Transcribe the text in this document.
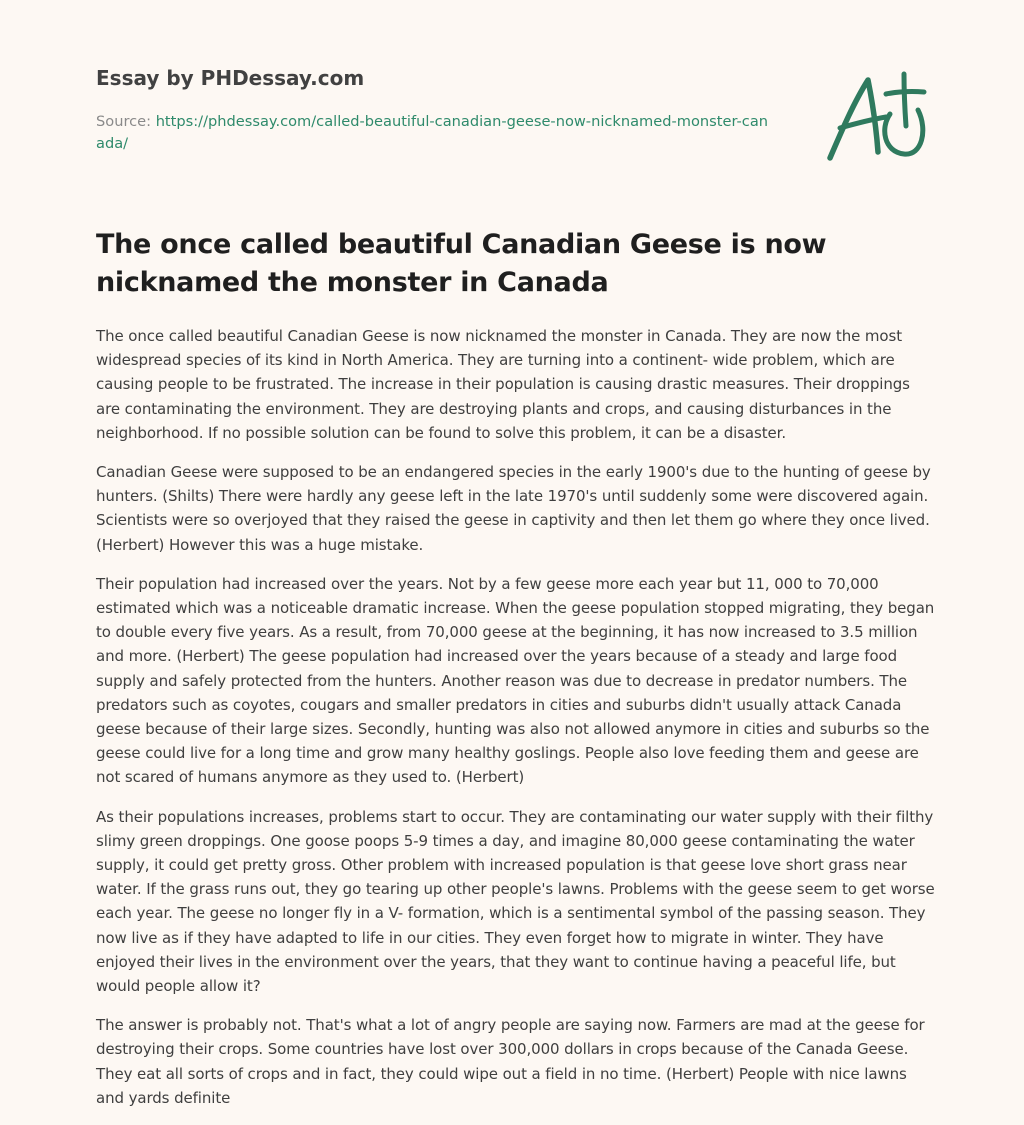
Essay by PHDessay.com

Source: https://phdessay.com/called-beautiful-canadian-geese-now-nicknamed-monster-canada/

The once called beautiful Canadian Geese is now nicknamed the monster in Canada

The once called beautiful Canadian Geese is now nicknamed the monster in Canada. They are now the most widespread species of its kind in North America. They are turning into a continent- wide problem, which are causing people to be frustrated. The increase in their population is causing drastic measures. Their droppings are contaminating the environment. They are destroying plants and crops, and causing disturbances in the neighborhood. If no possible solution can be found to solve this problem, it can be a disaster.

Canadian Geese were supposed to be an endangered species in the early 1900's due to the hunting of geese by hunters. (Shilts) There were hardly any geese left in the late 1970's until suddenly some were discovered again. Scientists were so overjoyed that they raised the geese in captivity and then let them go where they once lived. (Herbert) However this was a huge mistake.

Their population had increased over the years. Not by a few geese more each year but 11, 000 to 70,000 estimated which was a noticeable dramatic increase. When the geese population stopped migrating, they began to double every five years. As a result, from 70,000 geese at the beginning, it has now increased to 3.5 million and more. (Herbert) The geese population had increased over the years because of a steady and large food supply and safely protected from the hunters. Another reason was due to decrease in predator numbers. The predators such as coyotes, cougars and smaller predators in cities and suburbs didn't usually attack Canada geese because of their large sizes. Secondly, hunting was also not allowed anymore in cities and suburbs so the geese could live for a long time and grow many healthy goslings. People also love feeding them and geese are not scared of humans anymore as they used to. (Herbert)

As their populations increases, problems start to occur. They are contaminating our water supply with their filthy slimy green droppings. One goose poops 5-9 times a day, and imagine 80,000 geese contaminating the water supply, it could get pretty gross. Other problem with increased population is that geese love short grass near water. If the grass runs out, they go tearing up other people's lawns. Problems with the geese seem to get worse each year. The geese no longer fly in a V- formation, which is a sentimental symbol of the passing season. They now live as if they have adapted to life in our cities. They even forget how to migrate in winter. They have enjoyed their lives in the environment over the years, that they want to continue having a peaceful life, but would people allow it?

The answer is probably not. That's what a lot of angry people are saying now. Farmers are mad at the geese for destroying their crops. Some countries have lost over 300,000 dollars in crops because of the Canada Geese. They eat all sorts of crops and in fact, they could wipe out a field in no time. (Herbert) People with nice lawns and yards definite
